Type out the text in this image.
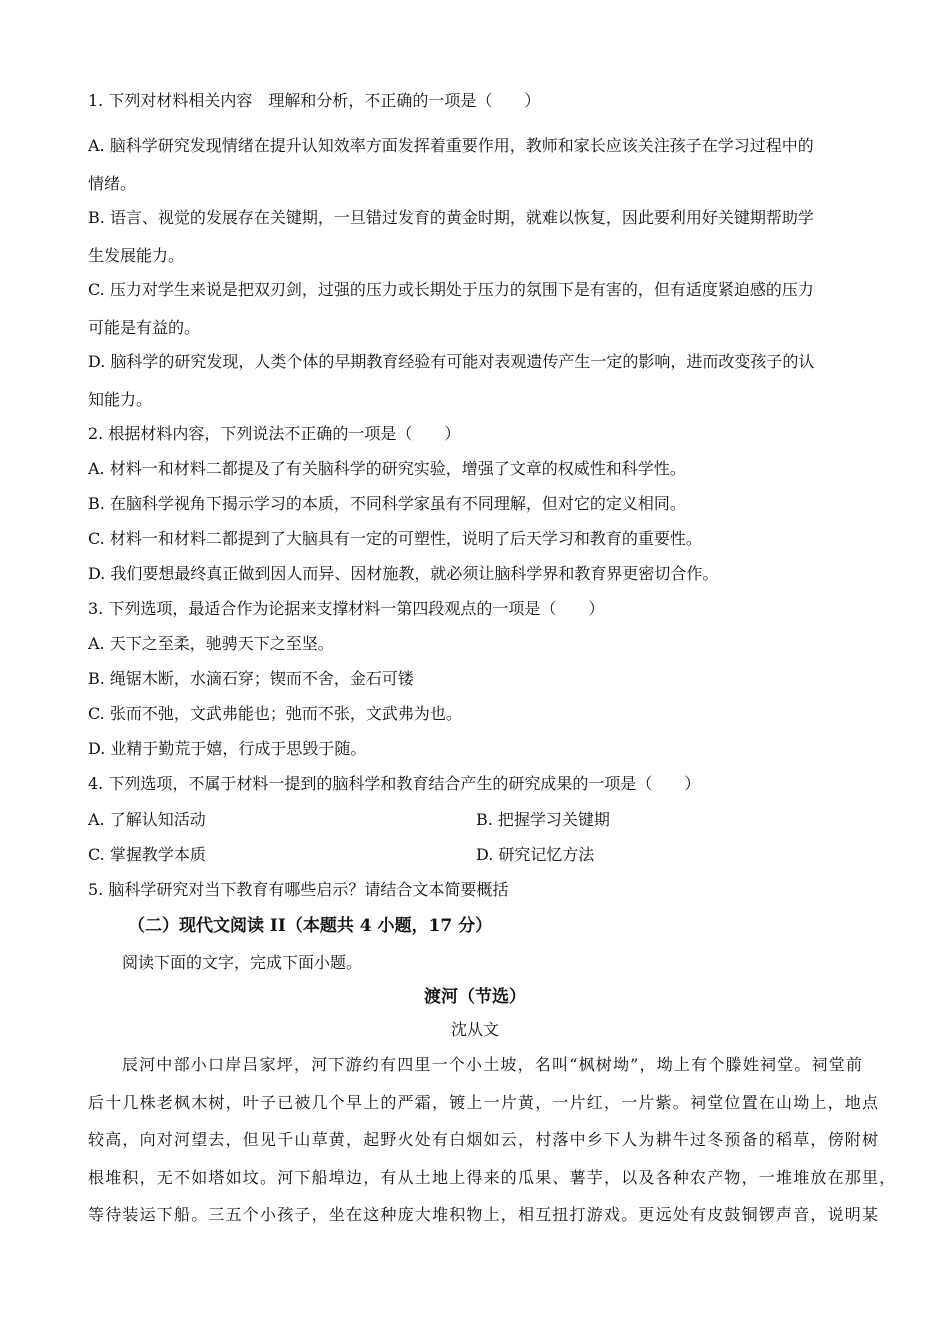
1. 下列对材料相关内容　理解和分析，不正确的一项是（　　）
A. 脑科学研究发现情绪在提升认知效率方面发挥着重要作用，教师和家长应该关注孩子在学习过程中的
情绪。
B. 语言、视觉的发展存在关键期，一旦错过发育的黄金时期，就难以恢复，因此要利用好关键期帮助学
生发展能力。
C. 压力对学生来说是把双刃剑，过强的压力或长期处于压力的氛围下是有害的，但有适度紧迫感的压力
可能是有益的。
D. 脑科学的研究发现，人类个体的早期教育经验有可能对表观遗传产生一定的影响，进而改变孩子的认
知能力。
2. 根据材料内容，下列说法不正确的一项是（　　）
A. 材料一和材料二都提及了有关脑科学的研究实验，增强了文章的权威性和科学性。
B. 在脑科学视角下揭示学习的本质，不同科学家虽有不同理解，但对它的定义相同。
C. 材料一和材料二都提到了大脑具有一定的可塑性，说明了后天学习和教育的重要性。
D. 我们要想最终真正做到因人而异、因材施教，就必须让脑科学界和教育界更密切合作。
3. 下列选项，最适合作为论据来支撑材料一第四段观点的一项是（　　）
A. 天下之至柔，驰骋天下之至坚。
B. 绳锯木断，水滴石穿；锲而不舍，金石可镂
C. 张而不弛，文武弗能也；弛而不张，文武弗为也。
D. 业精于勤荒于嬉，行成于思毁于随。
4. 下列选项，不属于材料一提到的脑科学和教育结合产生的研究成果的一项是（　　）
A. 了解认知活动	B. 把握学习关键期
C. 掌握教学本质	D. 研究记忆方法
5. 脑科学研究对当下教育有哪些启示？请结合文本简要概括
（二）现代文阅读 II（本题共 4 小题，17 分）
阅读下面的文字，完成下面小题。
渡河（节选）
沈从文
辰河中部小口岸吕家坪，河下游约有四里一个小土坡，名叫“枫树坳”，坳上有个滕姓祠堂。祠堂前
后十几株老枫木树，叶子已被几个早上的严霜，镀上一片黄，一片红，一片紫。祠堂位置在山坳上，地点
较高，向对河望去，但见千山草黄，起野火处有白烟如云，村落中乡下人为耕牛过冬预备的稻草，傍附树
根堆积，无不如塔如坟。河下船埠边，有从土地上得来的瓜果、薯芋，以及各种农产物，一堆堆放在那里，
等待装运下船。三五个小孩子，坐在这种庞大堆积物上，相互扭打游戏。更远处有皮鼓铜锣声音，说明某
